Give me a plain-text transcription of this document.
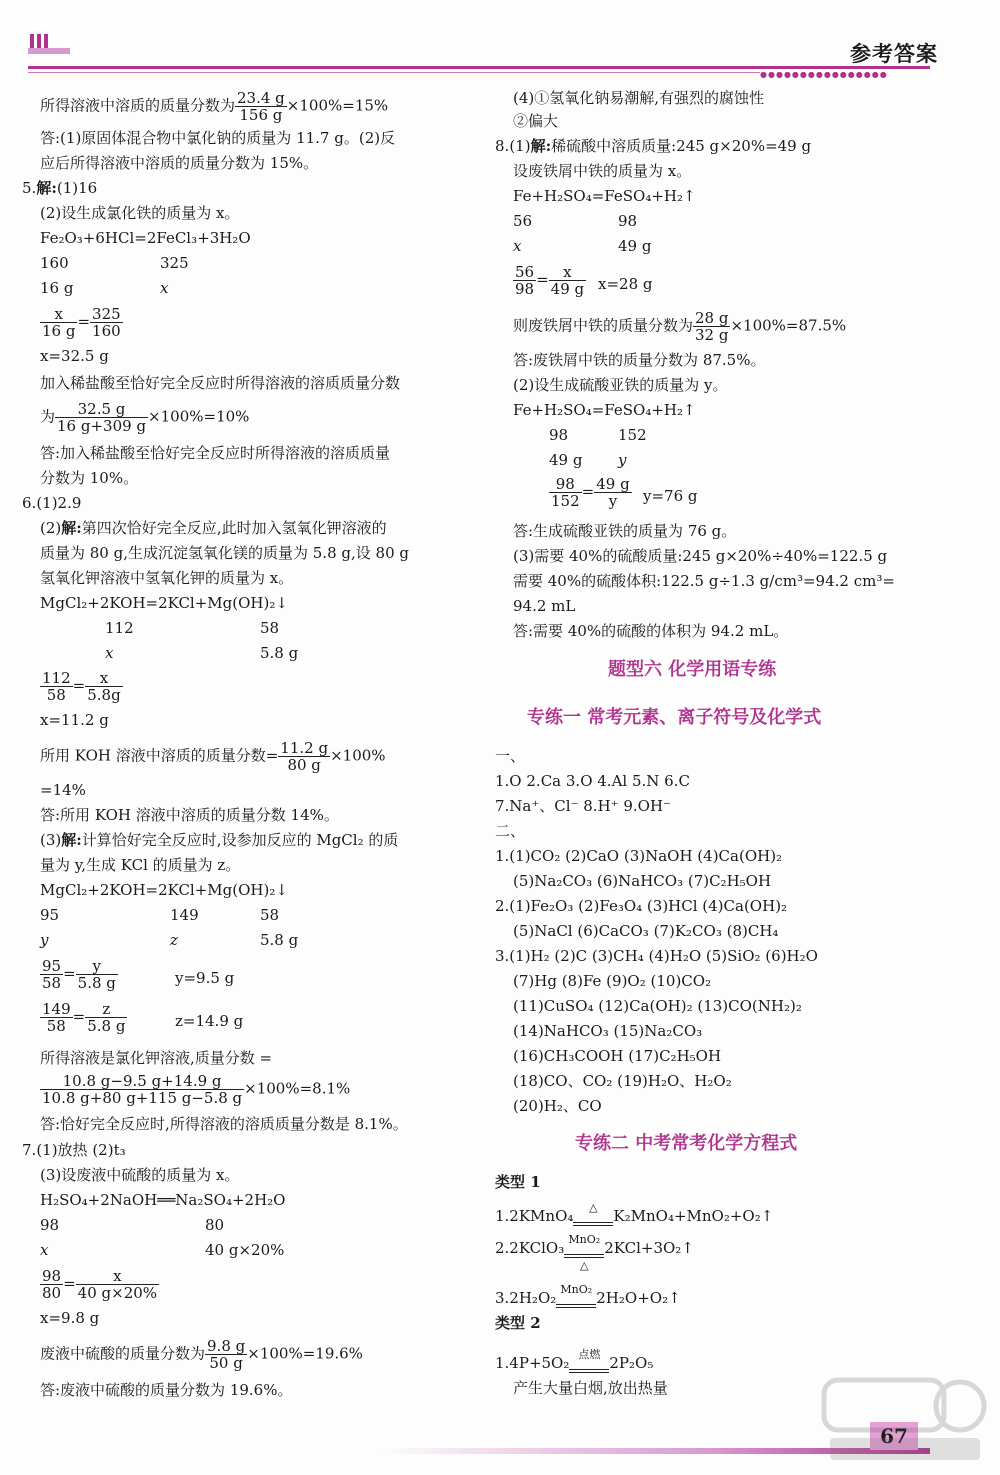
参考答案
●●●●●●●●●●●●●●●●
所得溶液中溶质的质量分数为 $\frac{23.4 g}{156 g} \times 100\%=15\%$
答:(1)原固体混合物中氯化钠的质量为 11.7 g。(2)反
应后所得溶液中溶质的质量分数为 15%。
5.解:(1)16
(2)设生成氯化铁的质量为 x。
Fe₂O₃+6HCl=2FeCl₃+3H₂O
160	325
16 g	x
$\frac{x}{16 g} = \frac{325}{160}$
x=32.5 g
加入稀盐酸至恰好完全反应时所得溶液的溶质质量分数
为 $\frac{32.5 g}{16 g+309 g} \times 100\%=10\%$
答:加入稀盐酸至恰好完全反应时所得溶液的溶质质量
分数为 10%。
6.(1)2.9
(2)解:第四次恰好完全反应,此时加入氢氧化钾溶液的
质量为 80 g,生成沉淀氢氧化镁的质量为 5.8 g,设 80 g
氢氧化钾溶液中氢氧化钾的质量为 x。
MgCl₂+2KOH=2KCl+Mg(OH)₂↓
112	58
x	5.8 g
$\frac{112}{58} = \frac{x}{5.8g}$
x=11.2 g
所用 KOH 溶液中溶质的质量分数= $\frac{11.2 g}{80 g} \times 100\%$
=14%
答:所用 KOH 溶液中溶质的质量分数 14%。
(3)解:计算恰好完全反应时,设参加反应的 MgCl₂ 的质
量为 y,生成 KCl 的质量为 z。
MgCl₂+2KOH=2KCl+Mg(OH)₂↓
95	149	58
y	z	5.8 g
$\frac{95}{58} = \frac{y}{5.8 g}$	y=9.5 g
$\frac{149}{58} = \frac{z}{5.8 g}$	z=14.9 g
所得溶液是氯化钾溶液,质量分数 =
$\frac{10.8 g-9.5 g+14.9 g}{10.8 g+80 g+115 g-5.8 g} \times 100\%=8.1\%$
答:恰好完全反应时,所得溶液的溶质质量分数是 8.1%。
7.(1)放热 (2)t₃
(3)设废液中硫酸的质量为 x。
H₂SO₄+2NaOH══Na₂SO₄+2H₂O
98	80
x	40 g×20%
$\frac{98}{80} = \frac{x}{40 g\times 20\%}$
x=9.8 g
废液中硫酸的质量分数为 $\frac{9.8 g}{50 g} \times 100\%=19.6\%$
答:废液中硫酸的质量分数为 19.6%。
(4)①氢氧化钠易潮解,有强烈的腐蚀性
②偏大
8.(1)解:稀硫酸中溶质质量:245 g×20%=49 g
设废铁屑中铁的质量为 x。
Fe+H₂SO₄=FeSO₄+H₂↑
56	98
x	49 g
$\frac{56}{98} = \frac{x}{49 g} x=28$ g
则废铁屑中铁的质量分数为 $\frac{28 g}{32 g} \times 100\%=87.5\%$
答:废铁屑中铁的质量分数为 87.5%。
(2)设生成硫酸亚铁的质量为 y。
Fe+H₂SO₄=FeSO₄+H₂↑
98	152
49 g y
$\frac{98}{152} = \frac{49 g}{y} y=76$ g
答:生成硫酸亚铁的质量为 76 g。
(3)需要 40%的硫酸质量:245 g×20%÷40%=122.5 g
需要 40%的硫酸体积:122.5 g÷1.3 g/cm³=94.2 cm³=
94.2 mL
答:需要 40%的硫酸的体积为 94.2 mL。
题型六 化学用语专练
专练一 常考元素、离子符号及化学式
一、
1.O 2.Ca 3.O 4.Al 5.N 6.C
7.Na⁺、Cl⁻ 8.H⁺ 9.OH⁻
二、
1.(1)CO₂ (2)CaO (3)NaOH (4)Ca(OH)₂
(5)Na₂CO₃ (6)NaHCO₃ (7)C₂H₅OH
2.(1)Fe₂O₃ (2)Fe₃O₄ (3)HCl (4)Ca(OH)₂
(5)NaCl (6)CaCO₃ (7)K₂CO₃ (8)CH₄
3.(1)H₂ (2)C (3)CH₄ (4)H₂O (5)SiO₂ (6)H₂O
(7)Hg (8)Fe (9)O₂ (10)CO₂
(11)CuSO₄ (12)Ca(OH)₂ (13)CO(NH₂)₂
(14)NaHCO₃ (15)Na₂CO₃
(16)CH₃COOH (17)C₂H₅OH
(18)CO、CO₂ (19)H₂O、H₂O₂
(20)H₂、CO
专练二 中考常考化学方程式
类型 1
1.2KMnO₄	△	K₂MnO₄+MnO₂+O₂↑
2.2KClO₃ MnO₂
△
2KCl+3O₂↑
3.2H₂O₂ MnO₂ 2H₂O+O₂↑
类型 2
1.4P+5O₂ 点燃 2P₂O₅
产生大量白烟,放出热量
67
